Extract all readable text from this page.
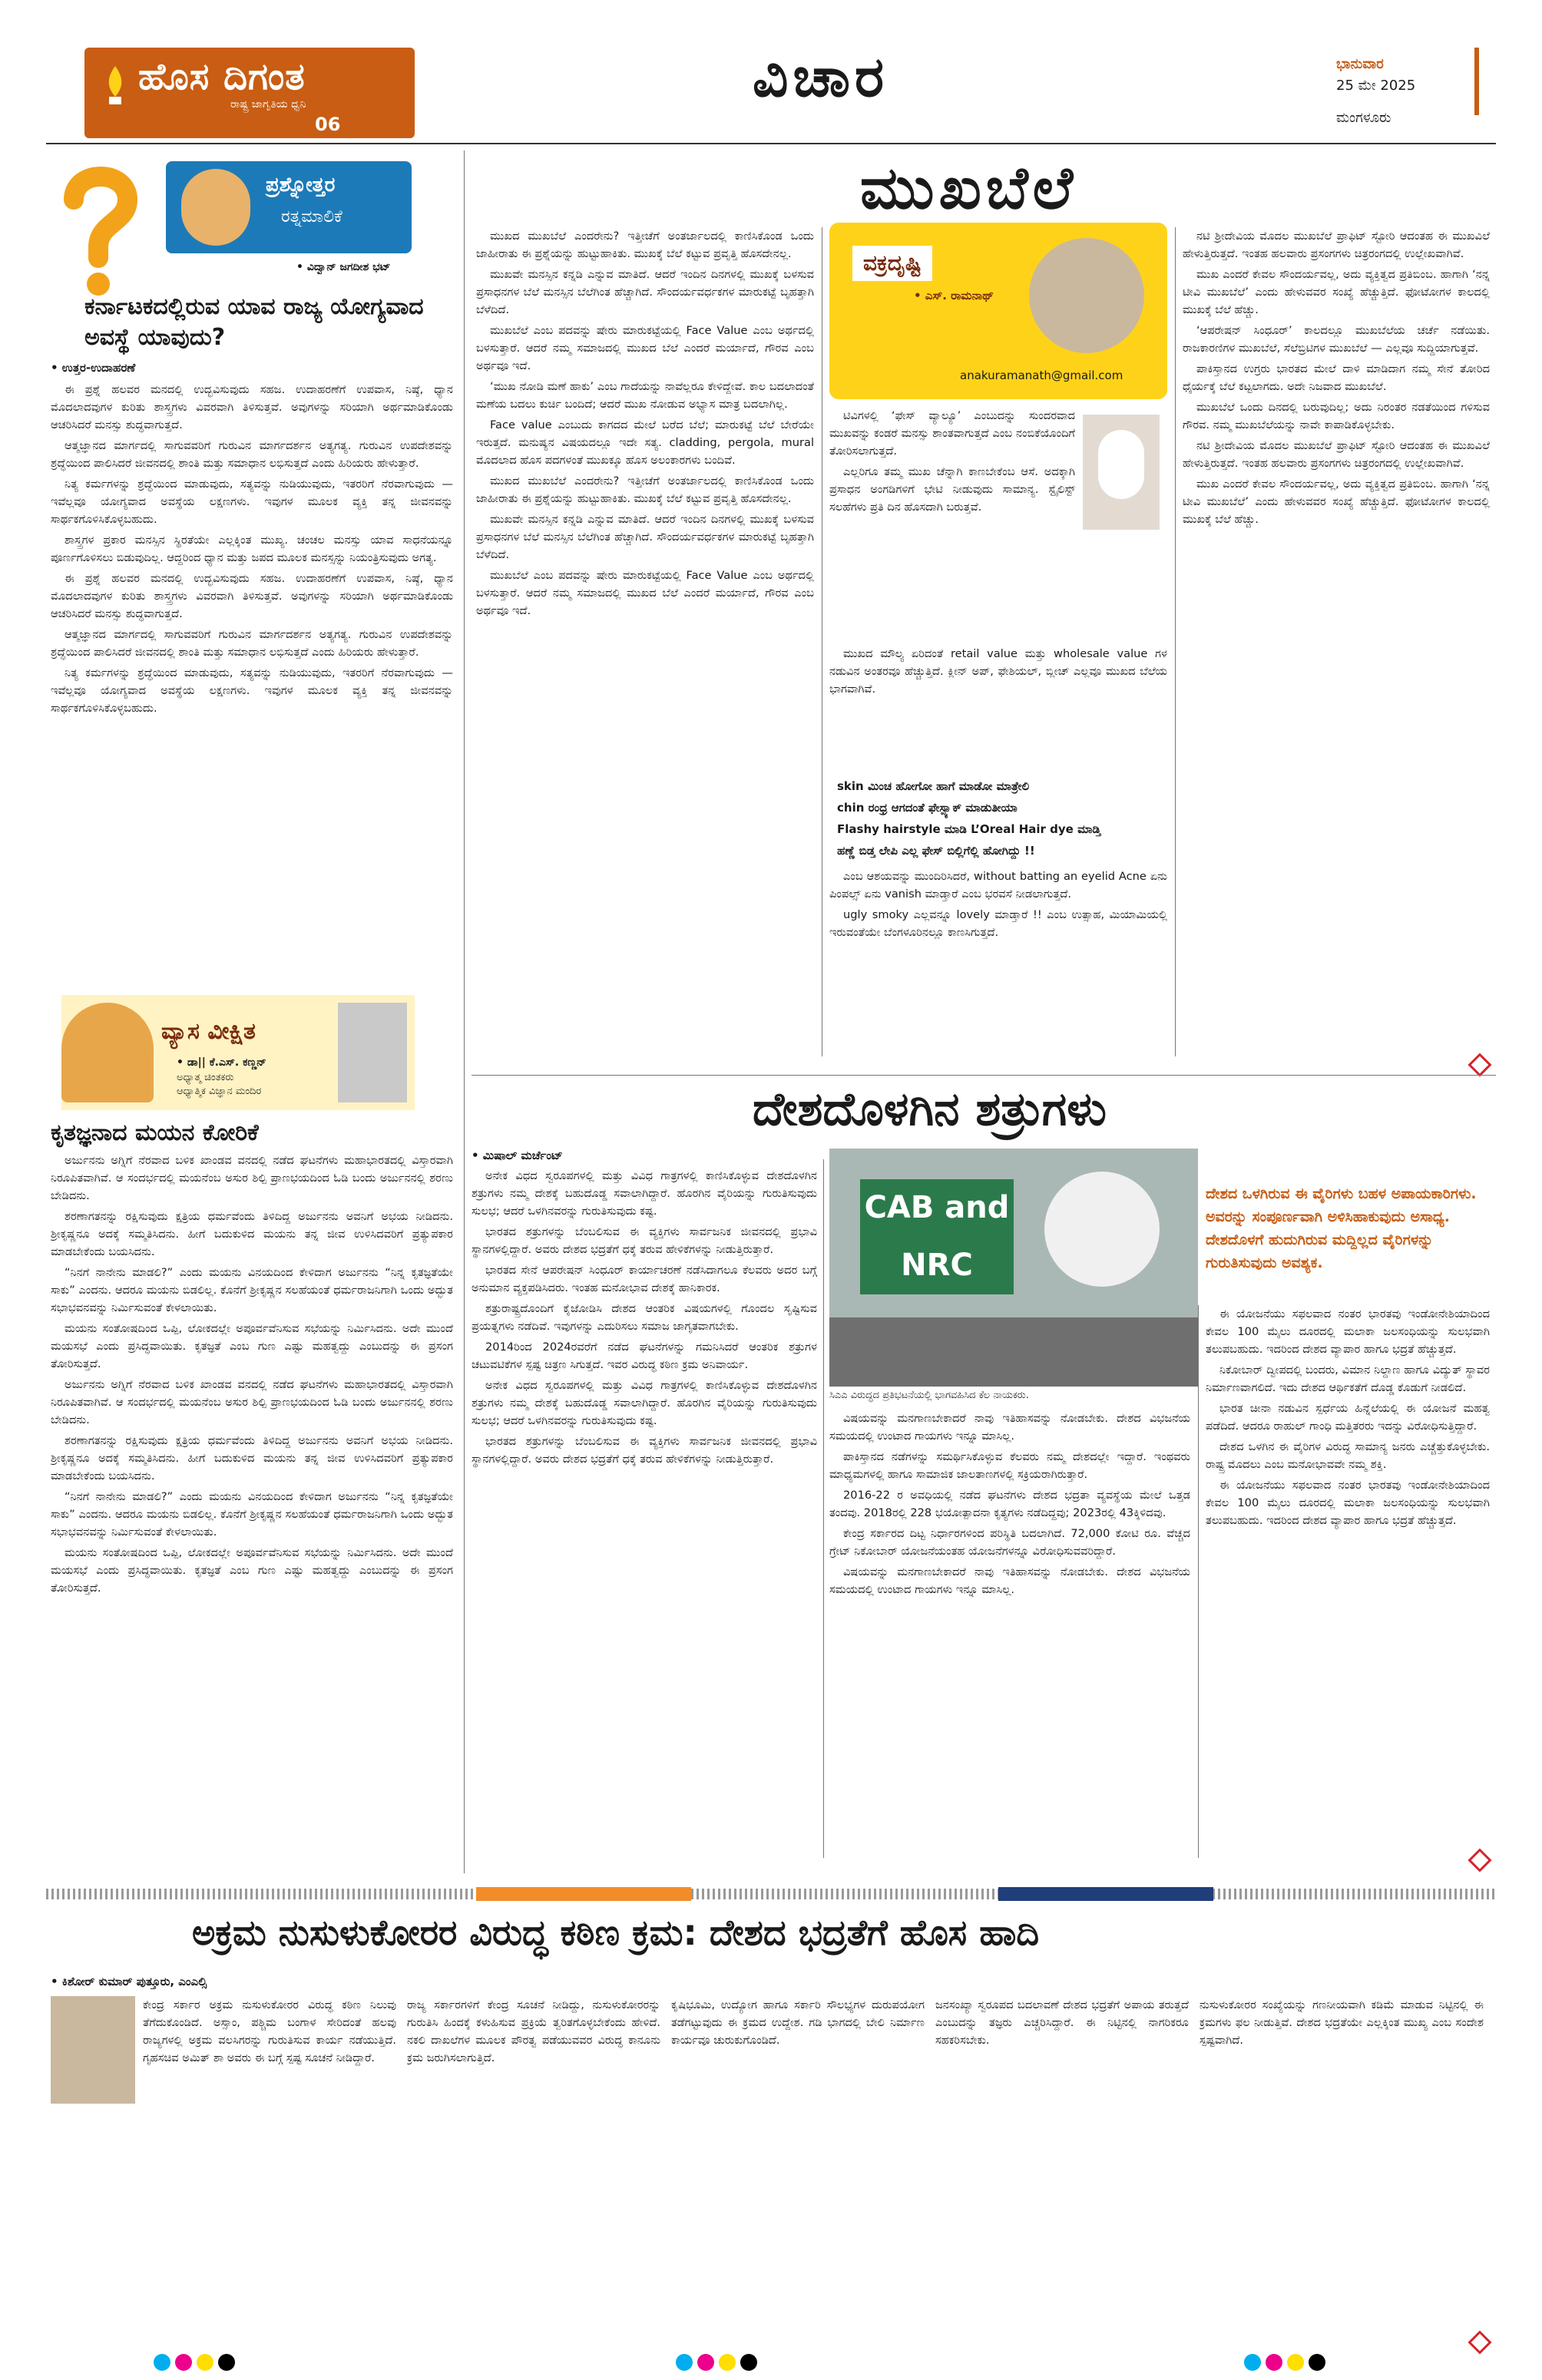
ಹೊಸ ದಿಗಂತ
ರಾಷ್ಟ್ರ ಜಾಗೃತಿಯ ಧ್ವನಿ
06
ವಿಚಾರ	ಭಾನುವಾರ
25 ಮೇ 2025
ಮಂಗಳೂರು
ಪ್ರಶ್ನೋತ್ತರ
ರತ್ನಮಾಲಿಕೆ
• ವಿದ್ವಾನ್ ಜಗದೀಶ ಭಟ್
ಕರ್ನಾಟಕದಲ್ಲಿರುವ ಯಾವ ರಾಜ್ಯ ಯೋಗ್ಯವಾದ ಅವಸ್ಥೆ ಯಾವುದು?
• ಉತ್ತರ-ಉದಾಹರಣೆ

ಈ ಪ್ರಶ್ನೆ ಹಲವರ ಮನದಲ್ಲಿ ಉದ್ಭವಿಸುವುದು ಸಹಜ. ಉದಾಹರಣೆಗೆ ಉಪವಾಸ, ನಿಷ್ಠೆ, ಧ್ಯಾನ ಮೊದಲಾದವುಗಳ ಕುರಿತು ಶಾಸ್ತ್ರಗಳು ವಿವರವಾಗಿ ತಿಳಿಸುತ್ತವೆ. ಅವುಗಳನ್ನು ಸರಿಯಾಗಿ ಅರ್ಥಮಾಡಿಕೊಂಡು ಆಚರಿಸಿದರೆ ಮನಸ್ಸು ಶುದ್ಧವಾಗುತ್ತದೆ.

ಆತ್ಮಜ್ಞಾನದ ಮಾರ್ಗದಲ್ಲಿ ಸಾಗುವವರಿಗೆ ಗುರುವಿನ ಮಾರ್ಗದರ್ಶನ ಅತ್ಯಗತ್ಯ. ಗುರುವಿನ ಉಪದೇಶವನ್ನು ಶ್ರದ್ಧೆಯಿಂದ ಪಾಲಿಸಿದರೆ ಜೀವನದಲ್ಲಿ ಶಾಂತಿ ಮತ್ತು ಸಮಾಧಾನ ಲಭಿಸುತ್ತದೆ ಎಂದು ಹಿರಿಯರು ಹೇಳುತ್ತಾರೆ.

ನಿತ್ಯ ಕರ್ಮಗಳನ್ನು ಶ್ರದ್ಧೆಯಿಂದ ಮಾಡುವುದು, ಸತ್ಯವನ್ನು ನುಡಿಯುವುದು, ಇತರರಿಗೆ ನೆರವಾಗುವುದು — ಇವೆಲ್ಲವೂ ಯೋಗ್ಯವಾದ ಅವಸ್ಥೆಯ ಲಕ್ಷಣಗಳು. ಇವುಗಳ ಮೂಲಕ ವ್ಯಕ್ತಿ ತನ್ನ ಜೀವನವನ್ನು ಸಾರ್ಥಕಗೊಳಿಸಿಕೊಳ್ಳಬಹುದು.

ಶಾಸ್ತ್ರಗಳ ಪ್ರಕಾರ ಮನಸ್ಸಿನ ಸ್ಥಿರತೆಯೇ ಎಲ್ಲಕ್ಕಿಂತ ಮುಖ್ಯ. ಚಂಚಲ ಮನಸ್ಸು ಯಾವ ಸಾಧನೆಯನ್ನೂ ಪೂರ್ಣಗೊಳಿಸಲು ಬಿಡುವುದಿಲ್ಲ. ಆದ್ದರಿಂದ ಧ್ಯಾನ ಮತ್ತು ಜಪದ ಮೂಲಕ ಮನಸ್ಸನ್ನು ನಿಯಂತ್ರಿಸುವುದು ಅಗತ್ಯ.

ಈ ಪ್ರಶ್ನೆ ಹಲವರ ಮನದಲ್ಲಿ ಉದ್ಭವಿಸುವುದು ಸಹಜ. ಉದಾಹರಣೆಗೆ ಉಪವಾಸ, ನಿಷ್ಠೆ, ಧ್ಯಾನ ಮೊದಲಾದವುಗಳ ಕುರಿತು ಶಾಸ್ತ್ರಗಳು ವಿವರವಾಗಿ ತಿಳಿಸುತ್ತವೆ. ಅವುಗಳನ್ನು ಸರಿಯಾಗಿ ಅರ್ಥಮಾಡಿಕೊಂಡು ಆಚರಿಸಿದರೆ ಮನಸ್ಸು ಶುದ್ಧವಾಗುತ್ತದೆ.

ಆತ್ಮಜ್ಞಾನದ ಮಾರ್ಗದಲ್ಲಿ ಸಾಗುವವರಿಗೆ ಗುರುವಿನ ಮಾರ್ಗದರ್ಶನ ಅತ್ಯಗತ್ಯ. ಗುರುವಿನ ಉಪದೇಶವನ್ನು ಶ್ರದ್ಧೆಯಿಂದ ಪಾಲಿಸಿದರೆ ಜೀವನದಲ್ಲಿ ಶಾಂತಿ ಮತ್ತು ಸಮಾಧಾನ ಲಭಿಸುತ್ತದೆ ಎಂದು ಹಿರಿಯರು ಹೇಳುತ್ತಾರೆ.

ನಿತ್ಯ ಕರ್ಮಗಳನ್ನು ಶ್ರದ್ಧೆಯಿಂದ ಮಾಡುವುದು, ಸತ್ಯವನ್ನು ನುಡಿಯುವುದು, ಇತರರಿಗೆ ನೆರವಾಗುವುದು — ಇವೆಲ್ಲವೂ ಯೋಗ್ಯವಾದ ಅವಸ್ಥೆಯ ಲಕ್ಷಣಗಳು. ಇವುಗಳ ಮೂಲಕ ವ್ಯಕ್ತಿ ತನ್ನ ಜೀವನವನ್ನು ಸಾರ್ಥಕಗೊಳಿಸಿಕೊಳ್ಳಬಹುದು.

ವ್ಯಾಸ ವೀಕ್ಷಿತ
• ಡಾ|| ಕೆ.ಎಸ್. ಕಣ್ಣನ್
ಅಧ್ಯಾತ್ಮ ಚಿಂತಕರು
ಆಧ್ಯಾತ್ಮಿಕ ವಿಜ್ಞಾನ ಮಂದಿರ
ಕೃತಜ್ಞನಾದ ಮಯನ ಕೋರಿಕೆ

ಅರ್ಜುನನು ಅಗ್ನಿಗೆ ನೆರವಾದ ಬಳಿಕ ಖಾಂಡವ ವನದಲ್ಲಿ ನಡೆದ ಘಟನೆಗಳು ಮಹಾಭಾರತದಲ್ಲಿ ವಿಸ್ತಾರವಾಗಿ ನಿರೂಪಿತವಾಗಿವೆ. ಆ ಸಂದರ್ಭದಲ್ಲಿ ಮಯನೆಂಬ ಅಸುರ ಶಿಲ್ಪಿ ಪ್ರಾಣಭಯದಿಂದ ಓಡಿ ಬಂದು ಅರ್ಜುನನಲ್ಲಿ ಶರಣು ಬೇಡಿದನು.

ಶರಣಾಗತನನ್ನು ರಕ್ಷಿಸುವುದು ಕ್ಷತ್ರಿಯ ಧರ್ಮವೆಂದು ತಿಳಿದಿದ್ದ ಅರ್ಜುನನು ಅವನಿಗೆ ಅಭಯ ನೀಡಿದನು. ಶ್ರೀಕೃಷ್ಣನೂ ಅದಕ್ಕೆ ಸಮ್ಮತಿಸಿದನು. ಹೀಗೆ ಬದುಕುಳಿದ ಮಯನು ತನ್ನ ಜೀವ ಉಳಿಸಿದವರಿಗೆ ಪ್ರತ್ಯುಪಕಾರ ಮಾಡಬೇಕೆಂದು ಬಯಸಿದನು.

“ನಿನಗೆ ನಾನೇನು ಮಾಡಲಿ?” ಎಂದು ಮಯನು ವಿನಯದಿಂದ ಕೇಳಿದಾಗ ಅರ್ಜುನನು “ನಿನ್ನ ಕೃತಜ್ಞತೆಯೇ ಸಾಕು” ಎಂದನು. ಆದರೂ ಮಯನು ಬಿಡಲಿಲ್ಲ. ಕೊನೆಗೆ ಶ್ರೀಕೃಷ್ಣನ ಸಲಹೆಯಂತೆ ಧರ್ಮರಾಜನಿಗಾಗಿ ಒಂದು ಅದ್ಭುತ ಸಭಾಭವನವನ್ನು ನಿರ್ಮಿಸುವಂತೆ ಕೇಳಲಾಯಿತು.

ಮಯನು ಸಂತೋಷದಿಂದ ಒಪ್ಪಿ, ಲೋಕದಲ್ಲೇ ಅಪೂರ್ವವೆನಿಸುವ ಸಭೆಯನ್ನು ನಿರ್ಮಿಸಿದನು. ಅದೇ ಮುಂದೆ ಮಯಸಭೆ ಎಂದು ಪ್ರಸಿದ್ಧವಾಯಿತು. ಕೃತಜ್ಞತೆ ಎಂಬ ಗುಣ ಎಷ್ಟು ಮಹತ್ವದ್ದು ಎಂಬುದನ್ನು ಈ ಪ್ರಸಂಗ ತೋರಿಸುತ್ತದೆ.

ಅರ್ಜುನನು ಅಗ್ನಿಗೆ ನೆರವಾದ ಬಳಿಕ ಖಾಂಡವ ವನದಲ್ಲಿ ನಡೆದ ಘಟನೆಗಳು ಮಹಾಭಾರತದಲ್ಲಿ ವಿಸ್ತಾರವಾಗಿ ನಿರೂಪಿತವಾಗಿವೆ. ಆ ಸಂದರ್ಭದಲ್ಲಿ ಮಯನೆಂಬ ಅಸುರ ಶಿಲ್ಪಿ ಪ್ರಾಣಭಯದಿಂದ ಓಡಿ ಬಂದು ಅರ್ಜುನನಲ್ಲಿ ಶರಣು ಬೇಡಿದನು.

ಶರಣಾಗತನನ್ನು ರಕ್ಷಿಸುವುದು ಕ್ಷತ್ರಿಯ ಧರ್ಮವೆಂದು ತಿಳಿದಿದ್ದ ಅರ್ಜುನನು ಅವನಿಗೆ ಅಭಯ ನೀಡಿದನು. ಶ್ರೀಕೃಷ್ಣನೂ ಅದಕ್ಕೆ ಸಮ್ಮತಿಸಿದನು. ಹೀಗೆ ಬದುಕುಳಿದ ಮಯನು ತನ್ನ ಜೀವ ಉಳಿಸಿದವರಿಗೆ ಪ್ರತ್ಯುಪಕಾರ ಮಾಡಬೇಕೆಂದು ಬಯಸಿದನು.

“ನಿನಗೆ ನಾನೇನು ಮಾಡಲಿ?” ಎಂದು ಮಯನು ವಿನಯದಿಂದ ಕೇಳಿದಾಗ ಅರ್ಜುನನು “ನಿನ್ನ ಕೃತಜ್ಞತೆಯೇ ಸಾಕು” ಎಂದನು. ಆದರೂ ಮಯನು ಬಿಡಲಿಲ್ಲ. ಕೊನೆಗೆ ಶ್ರೀಕೃಷ್ಣನ ಸಲಹೆಯಂತೆ ಧರ್ಮರಾಜನಿಗಾಗಿ ಒಂದು ಅದ್ಭುತ ಸಭಾಭವನವನ್ನು ನಿರ್ಮಿಸುವಂತೆ ಕೇಳಲಾಯಿತು.

ಮಯನು ಸಂತೋಷದಿಂದ ಒಪ್ಪಿ, ಲೋಕದಲ್ಲೇ ಅಪೂರ್ವವೆನಿಸುವ ಸಭೆಯನ್ನು ನಿರ್ಮಿಸಿದನು. ಅದೇ ಮುಂದೆ ಮಯಸಭೆ ಎಂದು ಪ್ರಸಿದ್ಧವಾಯಿತು. ಕೃತಜ್ಞತೆ ಎಂಬ ಗುಣ ಎಷ್ಟು ಮಹತ್ವದ್ದು ಎಂಬುದನ್ನು ಈ ಪ್ರಸಂಗ ತೋರಿಸುತ್ತದೆ.

ಮುಖಬೆಲೆ
ವಕ್ರದೃಷ್ಟಿ
• ಎಸ್. ರಾಮನಾಥ್
anakuramanath@gmail.com

ಮುಖದ ಮುಖಬೆಲೆ ಎಂದರೇನು? ಇತ್ತೀಚೆಗೆ ಅಂತರ್ಜಾಲದಲ್ಲಿ ಕಾಣಿಸಿಕೊಂಡ ಒಂದು ಜಾಹೀರಾತು ಈ ಪ್ರಶ್ನೆಯನ್ನು ಹುಟ್ಟುಹಾಕಿತು. ಮುಖಕ್ಕೆ ಬೆಲೆ ಕಟ್ಟುವ ಪ್ರವೃತ್ತಿ ಹೊಸದೇನಲ್ಲ.

ಮುಖವೇ ಮನಸ್ಸಿನ ಕನ್ನಡಿ ಎನ್ನುವ ಮಾತಿದೆ. ಆದರೆ ಇಂದಿನ ದಿನಗಳಲ್ಲಿ ಮುಖಕ್ಕೆ ಬಳಸುವ ಪ್ರಸಾಧನಗಳ ಬೆಲೆ ಮನಸ್ಸಿನ ಬೆಲೆಗಿಂತ ಹೆಚ್ಚಾಗಿದೆ. ಸೌಂದರ್ಯವರ್ಧಕಗಳ ಮಾರುಕಟ್ಟೆ ಬೃಹತ್ತಾಗಿ ಬೆಳೆದಿದೆ.

ಮುಖಬೆಲೆ ಎಂಬ ಪದವನ್ನು ಷೇರು ಮಾರುಕಟ್ಟೆಯಲ್ಲಿ Face Value ಎಂಬ ಅರ್ಥದಲ್ಲಿ ಬಳಸುತ್ತಾರೆ. ಆದರೆ ನಮ್ಮ ಸಮಾಜದಲ್ಲಿ ಮುಖದ ಬೆಲೆ ಎಂದರೆ ಮರ್ಯಾದೆ, ಗೌರವ ಎಂಬ ಅರ್ಥವೂ ಇದೆ.

‘ಮುಖ ನೋಡಿ ಮಣೆ ಹಾಕು’ ಎಂಬ ಗಾದೆಯನ್ನು ನಾವೆಲ್ಲರೂ ಕೇಳಿದ್ದೇವೆ. ಕಾಲ ಬದಲಾದಂತೆ ಮಣೆಯ ಬದಲು ಕುರ್ಚಿ ಬಂದಿದೆ; ಆದರೆ ಮುಖ ನೋಡುವ ಅಭ್ಯಾಸ ಮಾತ್ರ ಬದಲಾಗಿಲ್ಲ.

Face value ಎಂಬುದು ಕಾಗದದ ಮೇಲೆ ಬರೆದ ಬೆಲೆ; ಮಾರುಕಟ್ಟೆ ಬೆಲೆ ಬೇರೆಯೇ ಇರುತ್ತದೆ. ಮನುಷ್ಯನ ವಿಷಯದಲ್ಲೂ ಇದೇ ಸತ್ಯ. cladding, pergola, mural ಮೊದಲಾದ ಹೊಸ ಪದಗಳಂತೆ ಮುಖಕ್ಕೂ ಹೊಸ ಅಲಂಕಾರಗಳು ಬಂದಿವೆ.

ಮುಖದ ಮುಖಬೆಲೆ ಎಂದರೇನು? ಇತ್ತೀಚೆಗೆ ಅಂತರ್ಜಾಲದಲ್ಲಿ ಕಾಣಿಸಿಕೊಂಡ ಒಂದು ಜಾಹೀರಾತು ಈ ಪ್ರಶ್ನೆಯನ್ನು ಹುಟ್ಟುಹಾಕಿತು. ಮುಖಕ್ಕೆ ಬೆಲೆ ಕಟ್ಟುವ ಪ್ರವೃತ್ತಿ ಹೊಸದೇನಲ್ಲ.

ಮುಖವೇ ಮನಸ್ಸಿನ ಕನ್ನಡಿ ಎನ್ನುವ ಮಾತಿದೆ. ಆದರೆ ಇಂದಿನ ದಿನಗಳಲ್ಲಿ ಮುಖಕ್ಕೆ ಬಳಸುವ ಪ್ರಸಾಧನಗಳ ಬೆಲೆ ಮನಸ್ಸಿನ ಬೆಲೆಗಿಂತ ಹೆಚ್ಚಾಗಿದೆ. ಸೌಂದರ್ಯವರ್ಧಕಗಳ ಮಾರುಕಟ್ಟೆ ಬೃಹತ್ತಾಗಿ ಬೆಳೆದಿದೆ.

ಮುಖಬೆಲೆ ಎಂಬ ಪದವನ್ನು ಷೇರು ಮಾರುಕಟ್ಟೆಯಲ್ಲಿ Face Value ಎಂಬ ಅರ್ಥದಲ್ಲಿ ಬಳಸುತ್ತಾರೆ. ಆದರೆ ನಮ್ಮ ಸಮಾಜದಲ್ಲಿ ಮುಖದ ಬೆಲೆ ಎಂದರೆ ಮರ್ಯಾದೆ, ಗೌರವ ಎಂಬ ಅರ್ಥವೂ ಇದೆ.

ಟಿವಿಗಳಲ್ಲಿ ‘ಫೇಸ್ ವ್ಯಾಲ್ಯೂ’ ಎಂಬುದನ್ನು ಸುಂದರವಾದ ಮುಖವನ್ನು ಕಂಡರೆ ಮನಸ್ಸು ಶಾಂತವಾಗುತ್ತದೆ ಎಂಬ ನಂಬಿಕೆಯೊಂದಿಗೆ ತೋರಿಸಲಾಗುತ್ತದೆ.

ಎಲ್ಲರಿಗೂ ತಮ್ಮ ಮುಖ ಚೆನ್ನಾಗಿ ಕಾಣಬೇಕೆಂಬ ಆಸೆ. ಅದಕ್ಕಾಗಿ ಪ್ರಸಾಧನ ಅಂಗಡಿಗಳಿಗೆ ಭೇಟಿ ನೀಡುವುದು ಸಾಮಾನ್ಯ. ಸ್ಟೈಲಿಸ್ಟ್ ಸಲಹೆಗಳು ಪ್ರತಿ ದಿನ ಹೊಸದಾಗಿ ಬರುತ್ತವೆ.

ಮುಖದ ಮೌಲ್ಯ ಏರಿದಂತೆ retail value ಮತ್ತು wholesale value ಗಳ ನಡುವಿನ ಅಂತರವೂ ಹೆಚ್ಚುತ್ತಿದೆ. ಕ್ಲೀನ್ ಅಪ್, ಫೇಶಿಯಲ್, ಬ್ಲೀಚ್ ಎಲ್ಲವೂ ಮುಖದ ಬೆಲೆಯ ಭಾಗವಾಗಿವೆ.

skin ಮಿಂಚ ಹೋಗೋ ಹಾಗೆ ಮಾಡೋ ಮಾತ್ರೇಲಿ
chin ರಂಧ್ರ ಆಗದಂತೆ ಫೇಸ್ಪ್ಯಾಕ್ ಮಾಡುತೀಯಾ
Flashy hairstyle ಮಾಡಿ L’Oreal Hair dye ಮಾಡ್ತಿ
ಹಣ್ಣೆ ಬಿಡ್ತ ಲೇಪಿ ಎಲ್ಲ ಫೇಸ್ ಬಿಲ್ಲಿಗೆಲ್ಲಿ ಹೋಗಿದ್ದು !!

ಎಂಬ ಆಶಯವನ್ನು ಮುಂದಿರಿಸಿದರೆ, without batting an eyelid Acne ಏನು ಪಿಂಪಲ್ಸ್ ಏನು vanish ಮಾಡ್ತಾರೆ ಎಂಬ ಭರವಸೆ ನೀಡಲಾಗುತ್ತದೆ.

ugly smoky ಎಲ್ಲವನ್ನೂ lovely ಮಾಡ್ತಾರೆ !! ಎಂಬ ಉತ್ಸಾಹ, ಮಿಯಾಮಿಯಲ್ಲಿ ಇರುವಂತೆಯೇ ಬೆಂಗಳೂರಿನಲ್ಲೂ ಕಾಣಸಿಗುತ್ತದೆ.

ನಟಿ ಶ್ರೀದೇವಿಯ ಮೊದಲ ಮುಖಬೆಲೆ ಪ್ರಾಫಿಟ್ ಸ್ಟೋರಿ ಆದಂತಹ ಈ ಮುಖವಿಲೆ ಹೇಳುತ್ತಿರುತ್ತದೆ. ಇಂತಹ ಹಲವಾರು ಪ್ರಸಂಗಗಳು ಚಿತ್ರರಂಗದಲ್ಲಿ ಉಲ್ಲೇಖವಾಗಿವೆ.

ಮುಖ ಎಂದರೆ ಕೇವಲ ಸೌಂದರ್ಯವಲ್ಲ, ಅದು ವ್ಯಕ್ತಿತ್ವದ ಪ್ರತಿಬಿಂಬ. ಹಾಗಾಗಿ ‘ನನ್ನ ಟೀವಿ ಮುಖಬೆಲೆ’ ಎಂದು ಹೇಳುವವರ ಸಂಖ್ಯೆ ಹೆಚ್ಚುತ್ತಿದೆ. ಫೋಟೋಗಳ ಕಾಲದಲ್ಲಿ ಮುಖಕ್ಕೆ ಬೆಲೆ ಹೆಚ್ಚು.

‘ಆಪರೇಷನ್ ಸಿಂಧೂರ್’ ಕಾಲದಲ್ಲೂ ಮುಖಬೆಲೆಯ ಚರ್ಚೆ ನಡೆಯಿತು. ರಾಜಕಾರಣಿಗಳ ಮುಖಬೆಲೆ, ಸೆಲೆಬ್ರಿಟಿಗಳ ಮುಖಬೆಲೆ — ಎಲ್ಲವೂ ಸುದ್ದಿಯಾಗುತ್ತವೆ.

ಪಾಕಿಸ್ತಾನದ ಉಗ್ರರು ಭಾರತದ ಮೇಲೆ ದಾಳಿ ಮಾಡಿದಾಗ ನಮ್ಮ ಸೇನೆ ತೋರಿದ ಧೈರ್ಯಕ್ಕೆ ಬೆಲೆ ಕಟ್ಟಲಾಗದು. ಅದೇ ನಿಜವಾದ ಮುಖಬೆಲೆ.

ಮುಖಬೆಲೆ ಒಂದು ದಿನದಲ್ಲಿ ಬರುವುದಿಲ್ಲ; ಅದು ನಿರಂತರ ನಡತೆಯಿಂದ ಗಳಿಸುವ ಗೌರವ. ನಮ್ಮ ಮುಖಬೆಲೆಯನ್ನು ನಾವೇ ಕಾಪಾಡಿಕೊಳ್ಳಬೇಕು.

ನಟಿ ಶ್ರೀದೇವಿಯ ಮೊದಲ ಮುಖಬೆಲೆ ಪ್ರಾಫಿಟ್ ಸ್ಟೋರಿ ಆದಂತಹ ಈ ಮುಖವಿಲೆ ಹೇಳುತ್ತಿರುತ್ತದೆ. ಇಂತಹ ಹಲವಾರು ಪ್ರಸಂಗಗಳು ಚಿತ್ರರಂಗದಲ್ಲಿ ಉಲ್ಲೇಖವಾಗಿವೆ.

ಮುಖ ಎಂದರೆ ಕೇವಲ ಸೌಂದರ್ಯವಲ್ಲ, ಅದು ವ್ಯಕ್ತಿತ್ವದ ಪ್ರತಿಬಿಂಬ. ಹಾಗಾಗಿ ‘ನನ್ನ ಟೀವಿ ಮುಖಬೆಲೆ’ ಎಂದು ಹೇಳುವವರ ಸಂಖ್ಯೆ ಹೆಚ್ಚುತ್ತಿದೆ. ಫೋಟೋಗಳ ಕಾಲದಲ್ಲಿ ಮುಖಕ್ಕೆ ಬೆಲೆ ಹೆಚ್ಚು.

ದೇಶದೊಳಗಿನ ಶತ್ರುಗಳು
ದೇಶದ ಒಳಗಿರುವ ಈ ವೈರಿಗಳು ಬಹಳ ಅಪಾಯಕಾರಿಗಳು. ಅವರನ್ನು ಸಂಪೂರ್ಣವಾಗಿ ಅಳಿಸಿಹಾಕುವುದು ಅಸಾಧ್ಯ. ದೇಶದೊಳಗೆ ಹುದುಗಿರುವ ಮದ್ದಿಲ್ಲದ ವೈರಿಗಳನ್ನು ಗುರುತಿಸುವುದು ಅವಶ್ಯಕ.
• ಮಿಷಾಲ್ ಮರ್ಚೆಂಟ್

ಅನೇಕ ವಿಧದ ಸ್ವರೂಪಗಳಲ್ಲಿ ಮತ್ತು ವಿವಿಧ ಗಾತ್ರಗಳಲ್ಲಿ ಕಾಣಿಸಿಕೊಳ್ಳುವ ದೇಶದೊಳಗಿನ ಶತ್ರುಗಳು ನಮ್ಮ ದೇಶಕ್ಕೆ ಬಹುದೊಡ್ಡ ಸವಾಲಾಗಿದ್ದಾರೆ. ಹೊರಗಿನ ವೈರಿಯನ್ನು ಗುರುತಿಸುವುದು ಸುಲಭ; ಆದರೆ ಒಳಗಿನವರನ್ನು ಗುರುತಿಸುವುದು ಕಷ್ಟ.

ಭಾರತದ ಶತ್ರುಗಳನ್ನು ಬೆಂಬಲಿಸುವ ಈ ವ್ಯಕ್ತಿಗಳು ಸಾರ್ವಜನಿಕ ಜೀವನದಲ್ಲಿ ಪ್ರಭಾವಿ ಸ್ಥಾನಗಳಲ್ಲಿದ್ದಾರೆ. ಅವರು ದೇಶದ ಭದ್ರತೆಗೆ ಧಕ್ಕೆ ತರುವ ಹೇಳಿಕೆಗಳನ್ನು ನೀಡುತ್ತಿರುತ್ತಾರೆ.

ಭಾರತದ ಸೇನೆ ಆಪರೇಷನ್ ಸಿಂಧೂರ್ ಕಾರ್ಯಾಚರಣೆ ನಡೆಸಿದಾಗಲೂ ಕೆಲವರು ಅದರ ಬಗ್ಗೆ ಅನುಮಾನ ವ್ಯಕ್ತಪಡಿಸಿದರು. ಇಂತಹ ಮನೋಭಾವ ದೇಶಕ್ಕೆ ಹಾನಿಕಾರಕ.

ಶತ್ರುರಾಷ್ಟ್ರದೊಂದಿಗೆ ಕೈಜೋಡಿಸಿ ದೇಶದ ಆಂತರಿಕ ವಿಷಯಗಳಲ್ಲಿ ಗೊಂದಲ ಸೃಷ್ಟಿಸುವ ಪ್ರಯತ್ನಗಳು ನಡೆದಿವೆ. ಇವುಗಳನ್ನು ಎದುರಿಸಲು ಸಮಾಜ ಜಾಗೃತವಾಗಬೇಕು.

2014ರಿಂದ 2024ರವರೆಗೆ ನಡೆದ ಘಟನೆಗಳನ್ನು ಗಮನಿಸಿದರೆ ಆಂತರಿಕ ಶತ್ರುಗಳ ಚಟುವಟಿಕೆಗಳ ಸ್ಪಷ್ಟ ಚಿತ್ರಣ ಸಿಗುತ್ತದೆ. ಇವರ ವಿರುದ್ಧ ಕಠಿಣ ಕ್ರಮ ಅನಿವಾರ್ಯ.

ಅನೇಕ ವಿಧದ ಸ್ವರೂಪಗಳಲ್ಲಿ ಮತ್ತು ವಿವಿಧ ಗಾತ್ರಗಳಲ್ಲಿ ಕಾಣಿಸಿಕೊಳ್ಳುವ ದೇಶದೊಳಗಿನ ಶತ್ರುಗಳು ನಮ್ಮ ದೇಶಕ್ಕೆ ಬಹುದೊಡ್ಡ ಸವಾಲಾಗಿದ್ದಾರೆ. ಹೊರಗಿನ ವೈರಿಯನ್ನು ಗುರುತಿಸುವುದು ಸುಲಭ; ಆದರೆ ಒಳಗಿನವರನ್ನು ಗುರುತಿಸುವುದು ಕಷ್ಟ.

ಭಾರತದ ಶತ್ರುಗಳನ್ನು ಬೆಂಬಲಿಸುವ ಈ ವ್ಯಕ್ತಿಗಳು ಸಾರ್ವಜನಿಕ ಜೀವನದಲ್ಲಿ ಪ್ರಭಾವಿ ಸ್ಥಾನಗಳಲ್ಲಿದ್ದಾರೆ. ಅವರು ದೇಶದ ಭದ್ರತೆಗೆ ಧಕ್ಕೆ ತರುವ ಹೇಳಿಕೆಗಳನ್ನು ನೀಡುತ್ತಿರುತ್ತಾರೆ.

CAB and NRC
ಸಿಎಎ ವಿರುದ್ಧದ ಪ್ರತಿಭಟನೆಯಲ್ಲಿ ಭಾಗವಹಿಸಿದ ಕೆಲ ನಾಯಕರು.

ವಿಷಯವನ್ನು ಮನಗಾಣಬೇಕಾದರೆ ನಾವು ಇತಿಹಾಸವನ್ನು ನೋಡಬೇಕು. ದೇಶದ ವಿಭಜನೆಯ ಸಮಯದಲ್ಲಿ ಉಂಟಾದ ಗಾಯಗಳು ಇನ್ನೂ ಮಾಸಿಲ್ಲ.

ಪಾಕಿಸ್ತಾನದ ನಡೆಗಳನ್ನು ಸಮರ್ಥಿಸಿಕೊಳ್ಳುವ ಕೆಲವರು ನಮ್ಮ ದೇಶದಲ್ಲೇ ಇದ್ದಾರೆ. ಇಂಥವರು ಮಾಧ್ಯಮಗಳಲ್ಲಿ ಹಾಗೂ ಸಾಮಾಜಿಕ ಜಾಲತಾಣಗಳಲ್ಲಿ ಸಕ್ರಿಯರಾಗಿರುತ್ತಾರೆ.

2016-22 ರ ಅವಧಿಯಲ್ಲಿ ನಡೆದ ಘಟನೆಗಳು ದೇಶದ ಭದ್ರತಾ ವ್ಯವಸ್ಥೆಯ ಮೇಲೆ ಒತ್ತಡ ತಂದವು. 2018ರಲ್ಲಿ 228 ಭಯೋತ್ಪಾದನಾ ಕೃತ್ಯಗಳು ನಡೆದಿದ್ದವು; 2023ರಲ್ಲಿ 43ಕ್ಕಿಳಿದವು.

ಕೇಂದ್ರ ಸರ್ಕಾರದ ದಿಟ್ಟ ನಿರ್ಧಾರಗಳಿಂದ ಪರಿಸ್ಥಿತಿ ಬದಲಾಗಿದೆ. 72,000 ಕೋಟಿ ರೂ. ವೆಚ್ಚದ ಗ್ರೇಟ್ ನಿಕೋಬಾರ್ ಯೋಜನೆಯಂತಹ ಯೋಜನೆಗಳನ್ನೂ ವಿರೋಧಿಸುವವರಿದ್ದಾರೆ.

ವಿಷಯವನ್ನು ಮನಗಾಣಬೇಕಾದರೆ ನಾವು ಇತಿಹಾಸವನ್ನು ನೋಡಬೇಕು. ದೇಶದ ವಿಭಜನೆಯ ಸಮಯದಲ್ಲಿ ಉಂಟಾದ ಗಾಯಗಳು ಇನ್ನೂ ಮಾಸಿಲ್ಲ.

ಈ ಯೋಜನೆಯು ಸಫಲವಾದ ನಂತರ ಭಾರತವು ಇಂಡೋನೇಶಿಯಾದಿಂದ ಕೇವಲ 100 ಮೈಲು ದೂರದಲ್ಲಿ ಮಲಾಕಾ ಜಲಸಂಧಿಯನ್ನು ಸುಲಭವಾಗಿ ತಲುಪಬಹುದು. ಇದರಿಂದ ದೇಶದ ವ್ಯಾಪಾರ ಹಾಗೂ ಭದ್ರತೆ ಹೆಚ್ಚುತ್ತದೆ.

ನಿಕೋಬಾರ್ ದ್ವೀಪದಲ್ಲಿ ಬಂದರು, ವಿಮಾನ ನಿಲ್ದಾಣ ಹಾಗೂ ವಿದ್ಯುತ್ ಸ್ಥಾವರ ನಿರ್ಮಾಣವಾಗಲಿದೆ. ಇದು ದೇಶದ ಆರ್ಥಿಕತೆಗೆ ದೊಡ್ಡ ಕೊಡುಗೆ ನೀಡಲಿದೆ.

ಭಾರತ ಚೀನಾ ನಡುವಿನ ಸ್ಪರ್ಧೆಯ ಹಿನ್ನೆಲೆಯಲ್ಲಿ ಈ ಯೋಜನೆ ಮಹತ್ವ ಪಡೆದಿದೆ. ಆದರೂ ರಾಹುಲ್ ಗಾಂಧಿ ಮತ್ತಿತರರು ಇದನ್ನು ವಿರೋಧಿಸುತ್ತಿದ್ದಾರೆ.

ದೇಶದ ಒಳಗಿನ ಈ ವೈರಿಗಳ ವಿರುದ್ಧ ಸಾಮಾನ್ಯ ಜನರು ಎಚ್ಚೆತ್ತುಕೊಳ್ಳಬೇಕು. ರಾಷ್ಟ್ರ ಮೊದಲು ಎಂಬ ಮನೋಭಾವವೇ ನಮ್ಮ ಶಕ್ತಿ.

ಈ ಯೋಜನೆಯು ಸಫಲವಾದ ನಂತರ ಭಾರತವು ಇಂಡೋನೇಶಿಯಾದಿಂದ ಕೇವಲ 100 ಮೈಲು ದೂರದಲ್ಲಿ ಮಲಾಕಾ ಜಲಸಂಧಿಯನ್ನು ಸುಲಭವಾಗಿ ತಲುಪಬಹುದು. ಇದರಿಂದ ದೇಶದ ವ್ಯಾಪಾರ ಹಾಗೂ ಭದ್ರತೆ ಹೆಚ್ಚುತ್ತದೆ.

ಅಕ್ರಮ ನುಸುಳುಕೋರರ ವಿರುದ್ಧ ಕಠಿಣ ಕ್ರಮ: ದೇಶದ ಭದ್ರತೆಗೆ ಹೊಸ ಹಾದಿ
• ಕಿಶೋರ್ ಕುಮಾರ್ ಪುತ್ತೂರು, ಎಂಎಲ್ಸಿ
ಕೇಂದ್ರ ಸರ್ಕಾರ ಅಕ್ರಮ ನುಸುಳುಕೋರರ ವಿರುದ್ಧ ಕಠಿಣ ನಿಲುವು ತೆಗೆದುಕೊಂಡಿದೆ. ಅಸ್ಸಾಂ, ಪಶ್ಚಿಮ ಬಂಗಾಳ ಸೇರಿದಂತೆ ಹಲವು ರಾಜ್ಯಗಳಲ್ಲಿ ಅಕ್ರಮ ವಲಸಿಗರನ್ನು ಗುರುತಿಸುವ ಕಾರ್ಯ ನಡೆಯುತ್ತಿದೆ. ಗೃಹಸಚಿವ ಅಮಿತ್ ಶಾ ಅವರು ಈ ಬಗ್ಗೆ ಸ್ಪಷ್ಟ ಸೂಚನೆ ನೀಡಿದ್ದಾರೆ.
ರಾಜ್ಯ ಸರ್ಕಾರಗಳಿಗೆ ಕೇಂದ್ರ ಸೂಚನೆ ನೀಡಿದ್ದು, ನುಸುಳುಕೋರರನ್ನು ಗುರುತಿಸಿ ಹಿಂದಕ್ಕೆ ಕಳುಹಿಸುವ ಪ್ರಕ್ರಿಯೆ ತ್ವರಿತಗೊಳ್ಳಬೇಕೆಂದು ಹೇಳಿದೆ. ನಕಲಿ ದಾಖಲೆಗಳ ಮೂಲಕ ಪೌರತ್ವ ಪಡೆಯುವವರ ವಿರುದ್ಧ ಕಾನೂನು ಕ್ರಮ ಜರುಗಿಸಲಾಗುತ್ತಿದೆ.
ಕೃಷಿಭೂಮಿ, ಉದ್ಯೋಗ ಹಾಗೂ ಸರ್ಕಾರಿ ಸೌಲಭ್ಯಗಳ ದುರುಪಯೋಗ ತಡೆಗಟ್ಟುವುದು ಈ ಕ್ರಮದ ಉದ್ದೇಶ. ಗಡಿ ಭಾಗದಲ್ಲಿ ಬೇಲಿ ನಿರ್ಮಾಣ ಕಾರ್ಯವೂ ಚುರುಕುಗೊಂಡಿದೆ.
ಜನಸಂಖ್ಯಾ ಸ್ವರೂಪದ ಬದಲಾವಣೆ ದೇಶದ ಭದ್ರತೆಗೆ ಅಪಾಯ ತರುತ್ತದೆ ಎಂಬುದನ್ನು ತಜ್ಞರು ಎಚ್ಚರಿಸಿದ್ದಾರೆ. ಈ ನಿಟ್ಟಿನಲ್ಲಿ ನಾಗರಿಕರೂ ಸಹಕರಿಸಬೇಕು.
ನುಸುಳುಕೋರರ ಸಂಖ್ಯೆಯನ್ನು ಗಣನೀಯವಾಗಿ ಕಡಿಮೆ ಮಾಡುವ ನಿಟ್ಟಿನಲ್ಲಿ ಈ ಕ್ರಮಗಳು ಫಲ ನೀಡುತ್ತಿವೆ. ದೇಶದ ಭದ್ರತೆಯೇ ಎಲ್ಲಕ್ಕಿಂತ ಮುಖ್ಯ ಎಂಬ ಸಂದೇಶ ಸ್ಪಷ್ಟವಾಗಿದೆ.
